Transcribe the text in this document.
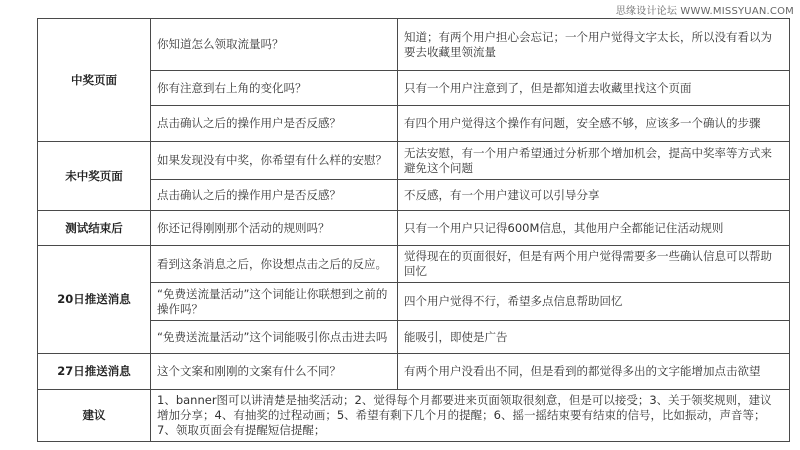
思缘设计论坛 WWW.MISSYUAN.COM
中奖页面	你知道怎么领取流量吗？	知道；有两个用户担心会忘记；一个用户觉得文字太长，所以没有看以为要去收藏里领流量
	你有注意到右上角的变化吗？	只有一个用户注意到了，但是都知道去收藏里找这个页面
	点击确认之后的操作用户是否反感？	有四个用户觉得这个操作有问题，安全感不够，应该多一个确认的步骤
未中奖页面	如果发现没有中奖，你希望有什么样的安慰？	无法安慰，有一个用户希望通过分析那个增加机会，提高中奖率等方式来避免这个问题
	点击确认之后的操作用户是否反感？	不反感，有一个用户建议可以引导分享
测试结束后	你还记得刚刚那个活动的规则吗？	只有一个用户只记得600M信息，其他用户全都能记住活动规则
20日推送消息	看到这条消息之后，你设想点击之后的反应。	觉得现在的页面很好，但是有两个用户觉得需要多一些确认信息可以帮助回忆
	“免费送流量活动”这个词能让你联想到之前的操作吗？	四个用户觉得不行，希望多点信息帮助回忆
	“免费送流量活动”这个词能吸引你点击进去吗	能吸引，即使是广告
27日推送消息	这个文案和刚刚的文案有什么不同？	有两个用户没看出不同，但是看到的都觉得多出的文字能增加点击欲望
建议	1、banner图可以讲清楚是抽奖活动；2、觉得每个月都要进来页面领取很刻意，但是可以接受；3、关于领奖规则，建议增加分享；4、有抽奖的过程动画；5、希望有剩下几个月的提醒；6、摇一摇结束要有结束的信号，比如振动，声音等；7、领取页面会有提醒短信提醒；	
